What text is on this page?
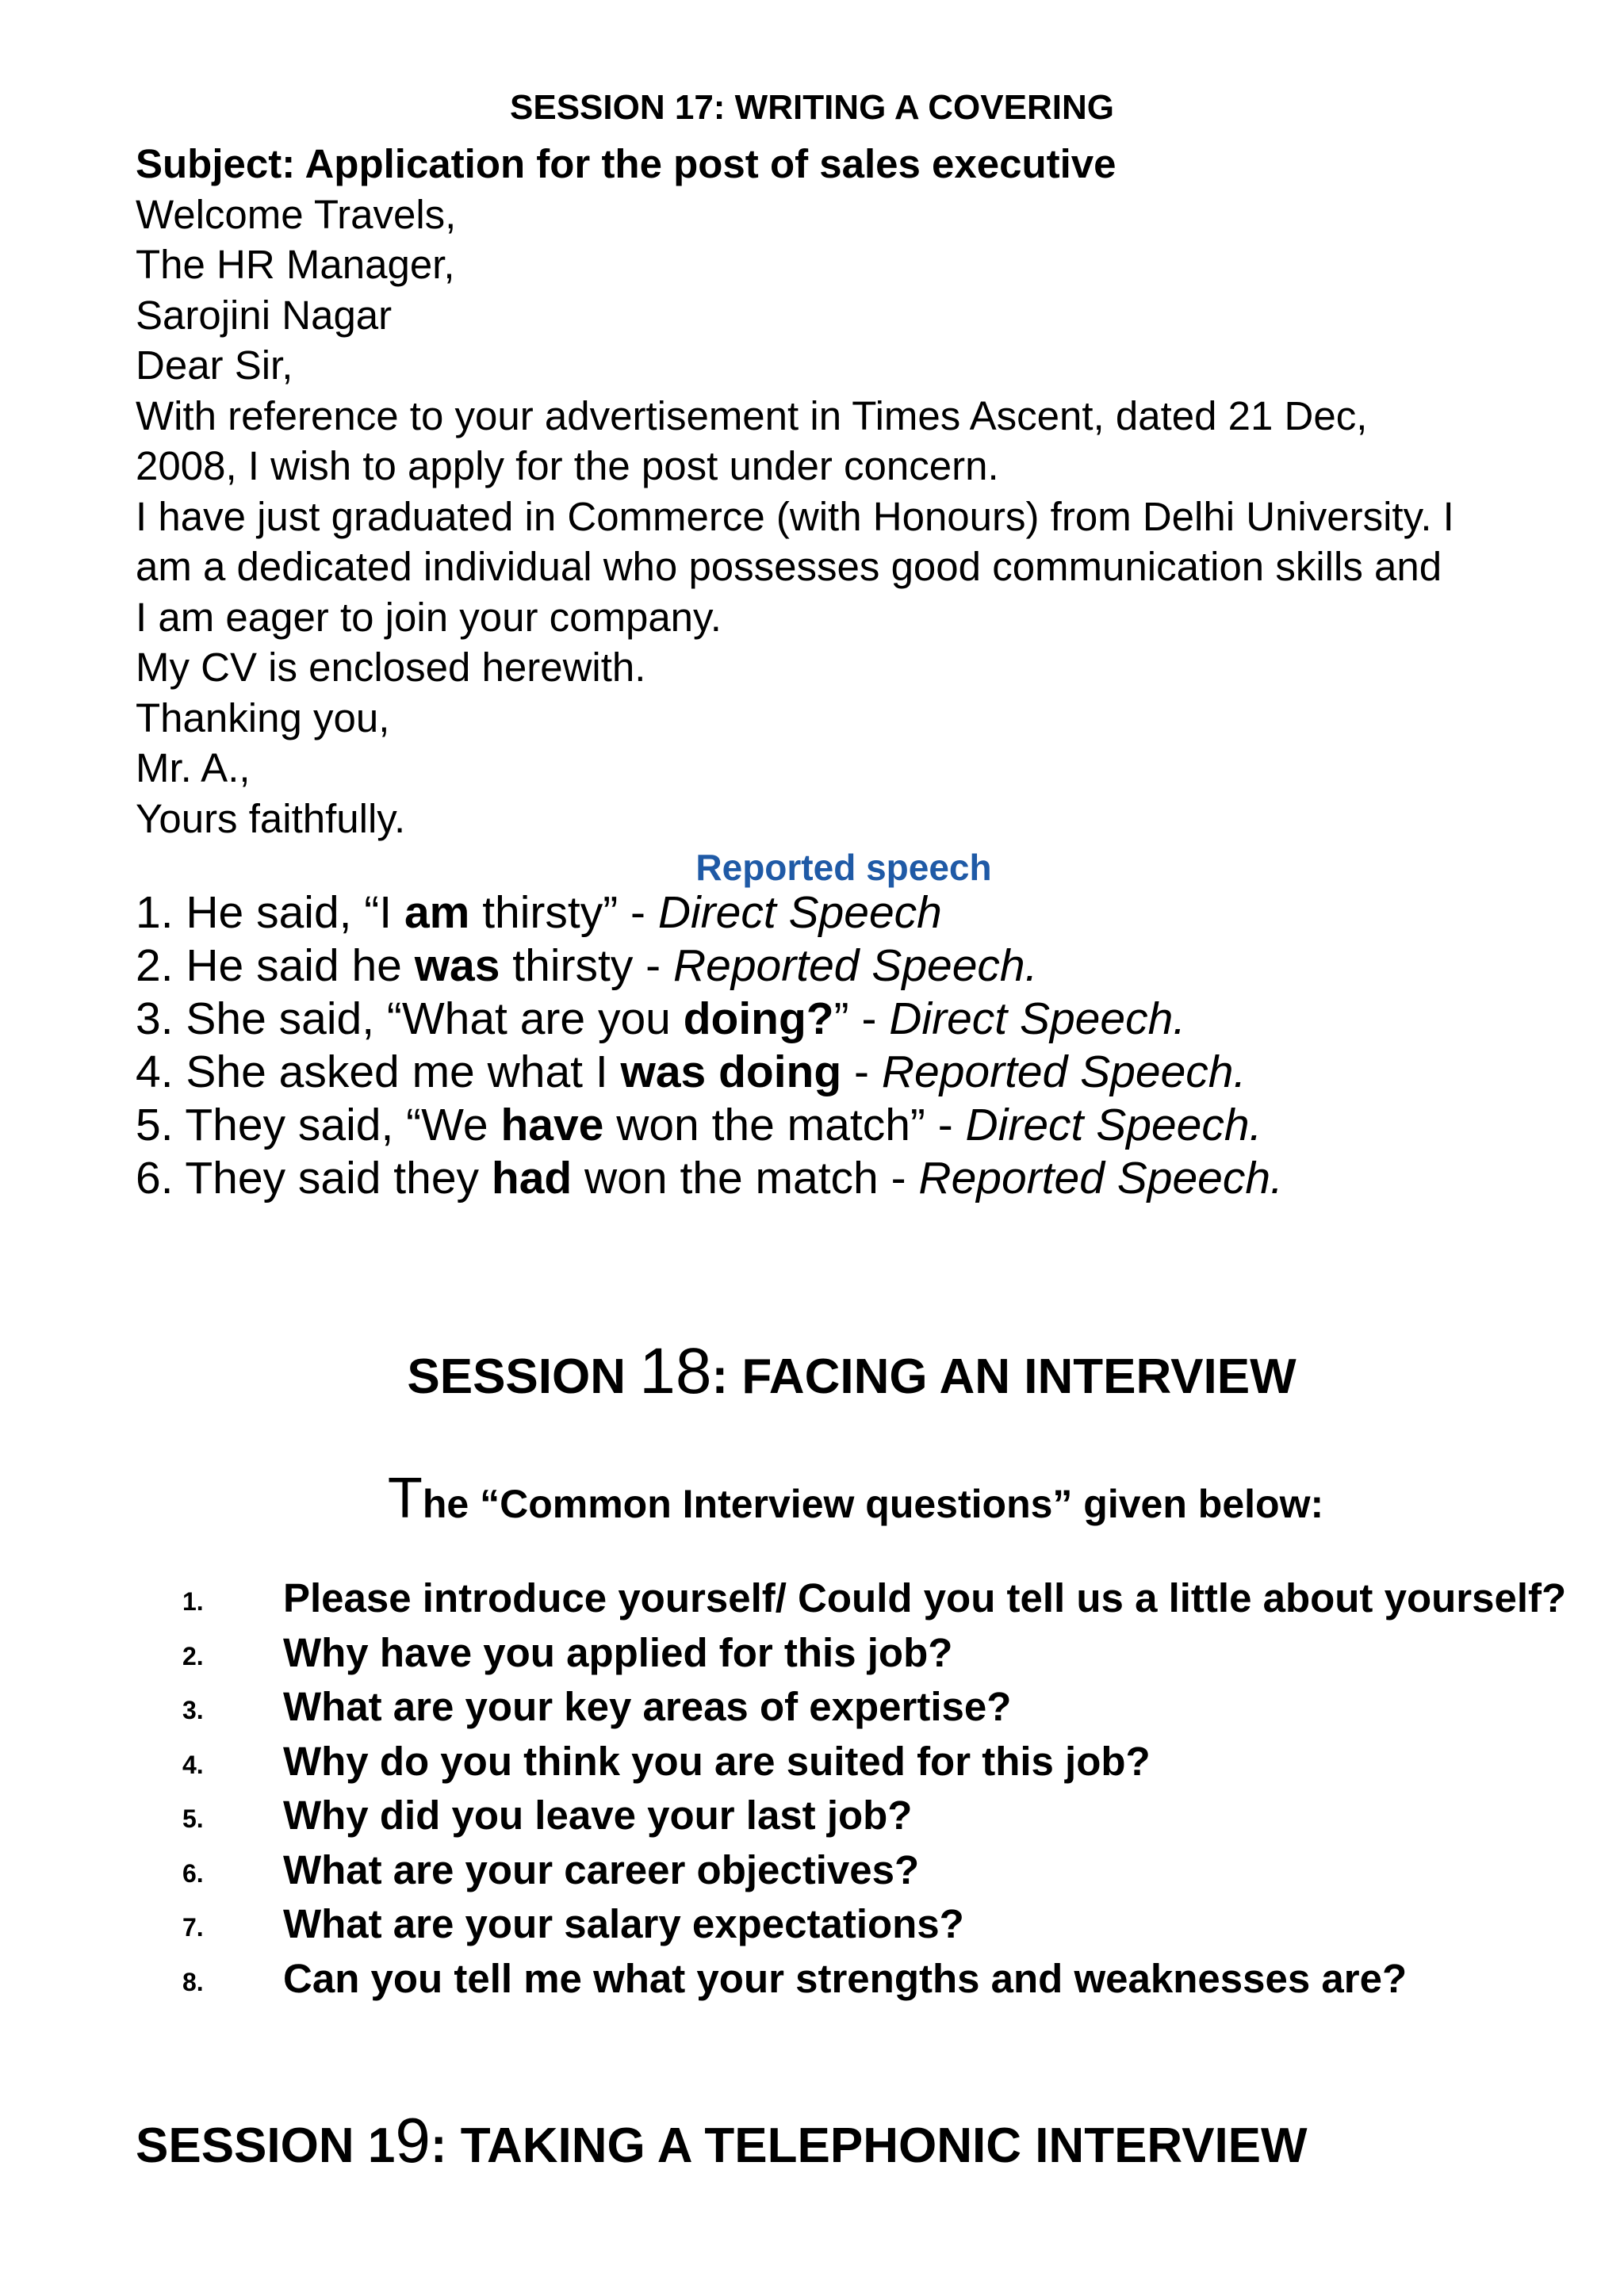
SESSION 17: WRITING A COVERING
Subject: Application for the post of sales executive
Welcome Travels,
The HR Manager,
Sarojini Nagar
Dear Sir,
With reference to your advertisement in Times Ascent, dated 21 Dec,
2008, I wish to apply for the post under concern.
I have just graduated in Commerce (with Honours) from Delhi University. I
am a dedicated individual who possesses good communication skills and
I am eager to join your company.
My CV is enclosed herewith.
Thanking you,
Mr. A.,
Yours faithfully.
Reported speech
1. He said, “I am thirsty” - Direct Speech
2. He said he was thirsty - Reported Speech.
3. She said, “What are you doing?” - Direct Speech.
4. She asked me what I was doing - Reported Speech.
5. They said, “We have won the match” - Direct Speech.
6. They said they had won the match - Reported Speech.
SESSION 18: FACING AN INTERVIEW
The “Common Interview questions” given below:
1. Please introduce yourself/ Could you tell us a little about yourself?
2. Why have you applied for this job?
3. What are your key areas of expertise?
4. Why do you think you are suited for this job?
5. Why did you leave your last job?
6. What are your career objectives?
7. What are your salary expectations?
8. Can you tell me what your strengths and weaknesses are?
SESSION 19: TAKING A TELEPHONIC INTERVIEW
